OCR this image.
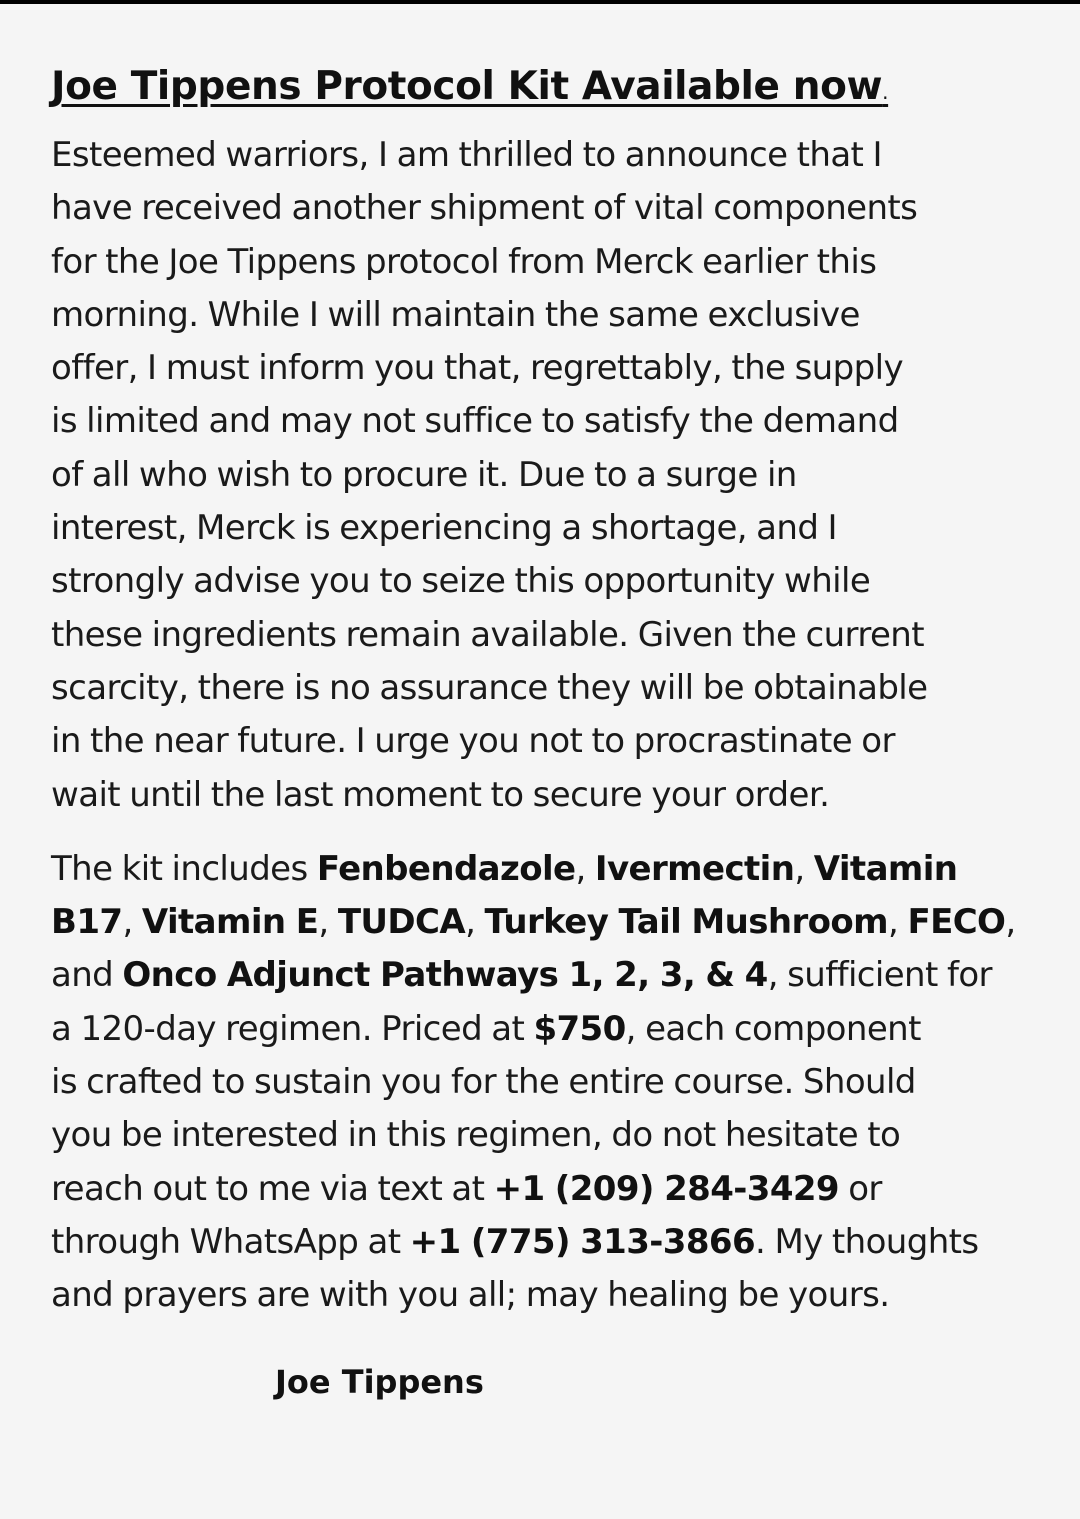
Joe Tippens Protocol Kit Available now.

Esteemed warriors, I am thrilled to announce that I
have received another shipment of vital components
for the Joe Tippens protocol from Merck earlier this
morning. While I will maintain the same exclusive
offer, I must inform you that, regrettably, the supply
is limited and may not suffice to satisfy the demand
of all who wish to procure it. Due to a surge in
interest, Merck is experiencing a shortage, and I
strongly advise you to seize this opportunity while
these ingredients remain available. Given the current
scarcity, there is no assurance they will be obtainable
in the near future. I urge you not to procrastinate or
wait until the last moment to secure your order.

The kit includes Fenbendazole, Ivermectin, Vitamin
B17, Vitamin E, TUDCA, Turkey Tail Mushroom, FECO,
and Onco Adjunct Pathways 1, 2, 3, & 4, sufficient for
a 120-day regimen. Priced at $750, each component
is crafted to sustain you for the entire course. Should
you be interested in this regimen, do not hesitate to
reach out to me via text at +1 (209) 284-3429 or
through WhatsApp at +1 (775) 313-3866. My thoughts
and prayers are with you all; may healing be yours.

Joe Tippens
